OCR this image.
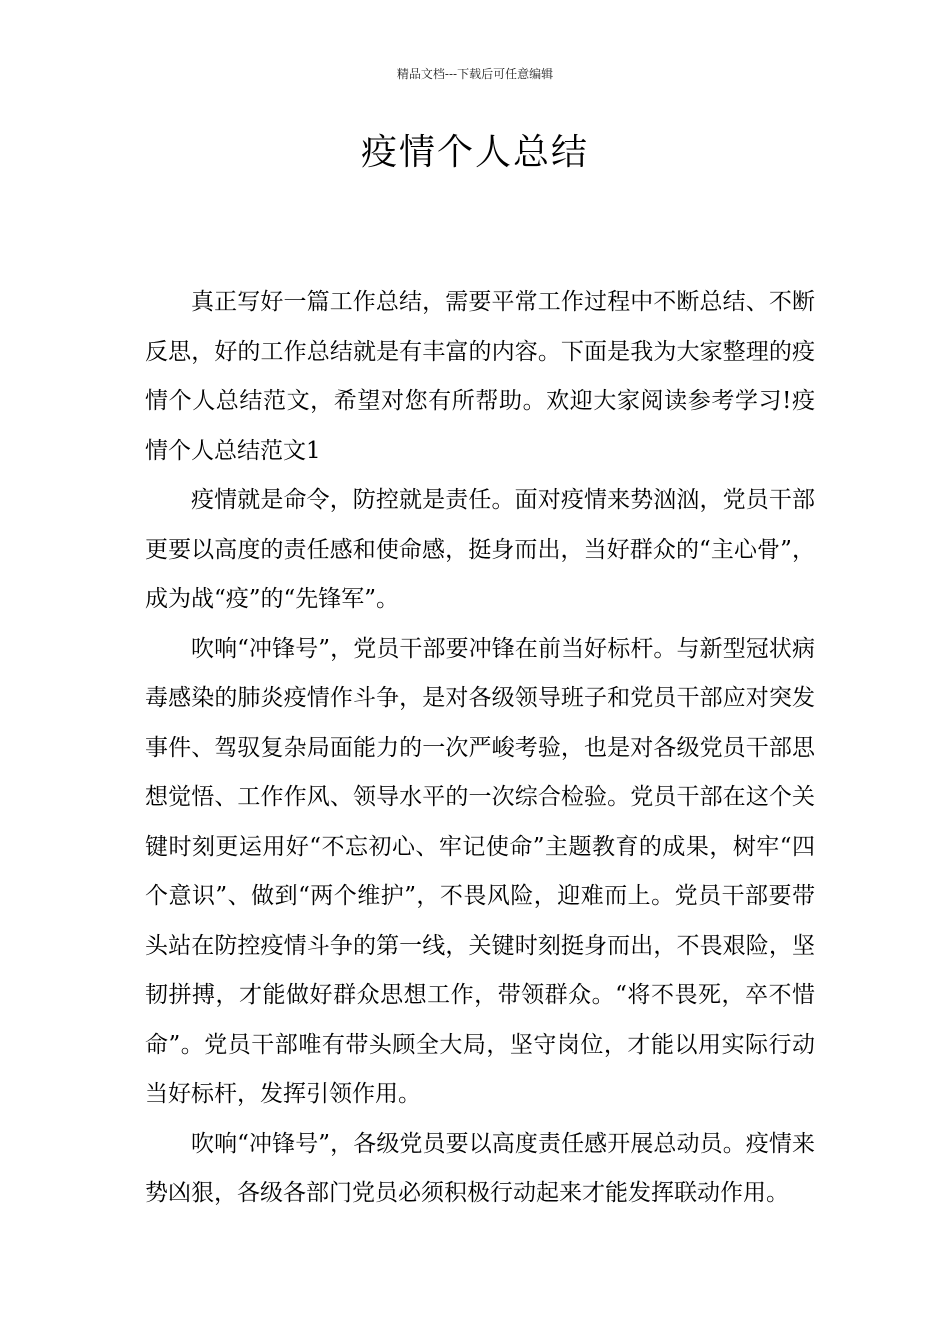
精品文档---下载后可任意编辑
疫情个人总结

真正写好一篇工作总结，需要平常工作过程中不断总结、不断反思，好的工作总结就是有丰富的内容。下面是我为大家整理的疫情个人总结范文，希望对您有所帮助。欢迎大家阅读参考学习!疫情个人总结范文1

疫情就是命令，防控就是责任。面对疫情来势汹汹，党员干部更要以高度的责任感和使命感，挺身而出，当好群众的“主心骨”，成为战“疫”的“先锋军”。

吹响“冲锋号”，党员干部要冲锋在前当好标杆。与新型冠状病毒感染的肺炎疫情作斗争，是对各级领导班子和党员干部应对突发事件、驾驭复杂局面能力的一次严峻考验，也是对各级党员干部思想觉悟、工作作风、领导水平的一次综合检验。党员干部在这个关键时刻更运用好“不忘初心、牢记使命”主题教育的成果，树牢“四个意识”、做到“两个维护”，不畏风险，迎难而上。党员干部要带头站在防控疫情斗争的第一线，关键时刻挺身而出，不畏艰险，坚韧拼搏，才能做好群众思想工作，带领群众。“将不畏死，卒不惜命”。党员干部唯有带头顾全大局，坚守岗位，才能以用实际行动当好标杆，发挥引领作用。

吹响“冲锋号”，各级党员要以高度责任感开展总动员。疫情来势凶狠，各级各部门党员必须积极行动起来才能发挥联动作用。
